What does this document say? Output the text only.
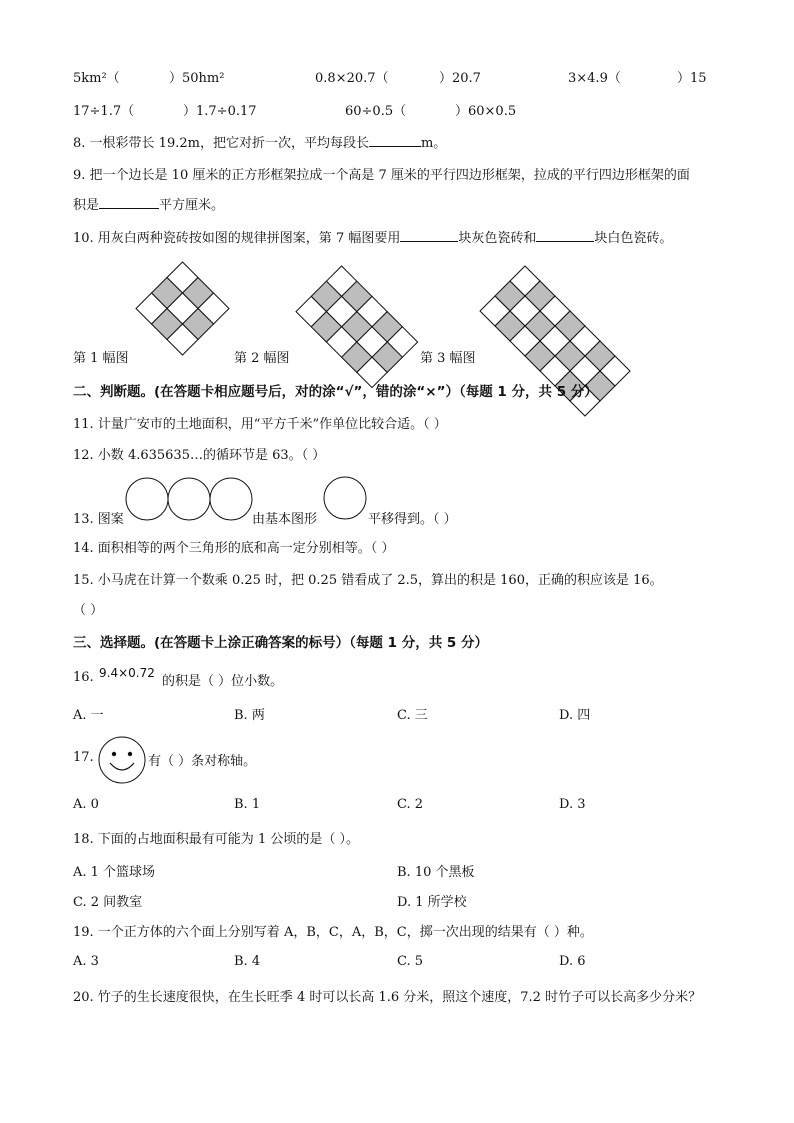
5km²（	）50hm²	0.8×20.7（	）20.7	3×4.9（	）15
17÷1.7（	）1.7÷0.17	60÷0.5（	）60×0.5
8. 一根彩带长 19.2m，把它对折一次，平均每段长	m。
9. 把一个边长是 10 厘米的正方形框架拉成一个高是 7 厘米的平行四边形框架，拉成的平行四边形框架的面
积是	平方厘米。
10. 用灰白两种瓷砖按如图的规律拼图案，第 7 幅图要用	块灰色瓷砖和	块白色瓷砖。
第 1 幅图	第 2 幅图	第 3 幅图
二、判断题。(在答题卡相应题号后，对的涂“√”，错的涂“×”）（每题 1 分，共 5 分）
11. 计量广安市的土地面积，用“平方千米”作单位比较合适。（ ）
12. 小数 4.635635…的循环节是 63。（ ）
13. 图案	由基本图形	平移得到。（ ）
14. 面积相等的两个三角形的底和高一定分别相等。（ ）
15. 小马虎在计算一个数乘 0.25 时，把 0.25 错看成了 2.5，算出的积是 160，正确的积应该是 16。
（ ）
三、选择题。(在答题卡上涂正确答案的标号）（每题 1 分，共 5 分）
16. 9.4×0.72
的积是（ ）位小数。
A. 一	B. 两	C. 三	D. 四
17.	有（ ）条对称轴。
A. 0	B. 1	C. 2	D. 3
18. 下面的占地面积最有可能为 1 公顷的是（ ）。
A. 1 个篮球场	B. 10 个黑板
C. 2 间教室	D. 1 所学校
19. 一个正方体的六个面上分别写着 A，B，C，A，B，C，掷一次出现的结果有（ ）种。
A. 3	B. 4	C. 5	D. 6
20. 竹子的生长速度很快，在生长旺季 4 时可以长高 1.6 分米，照这个速度，7.2 时竹子可以长高多少分米？
